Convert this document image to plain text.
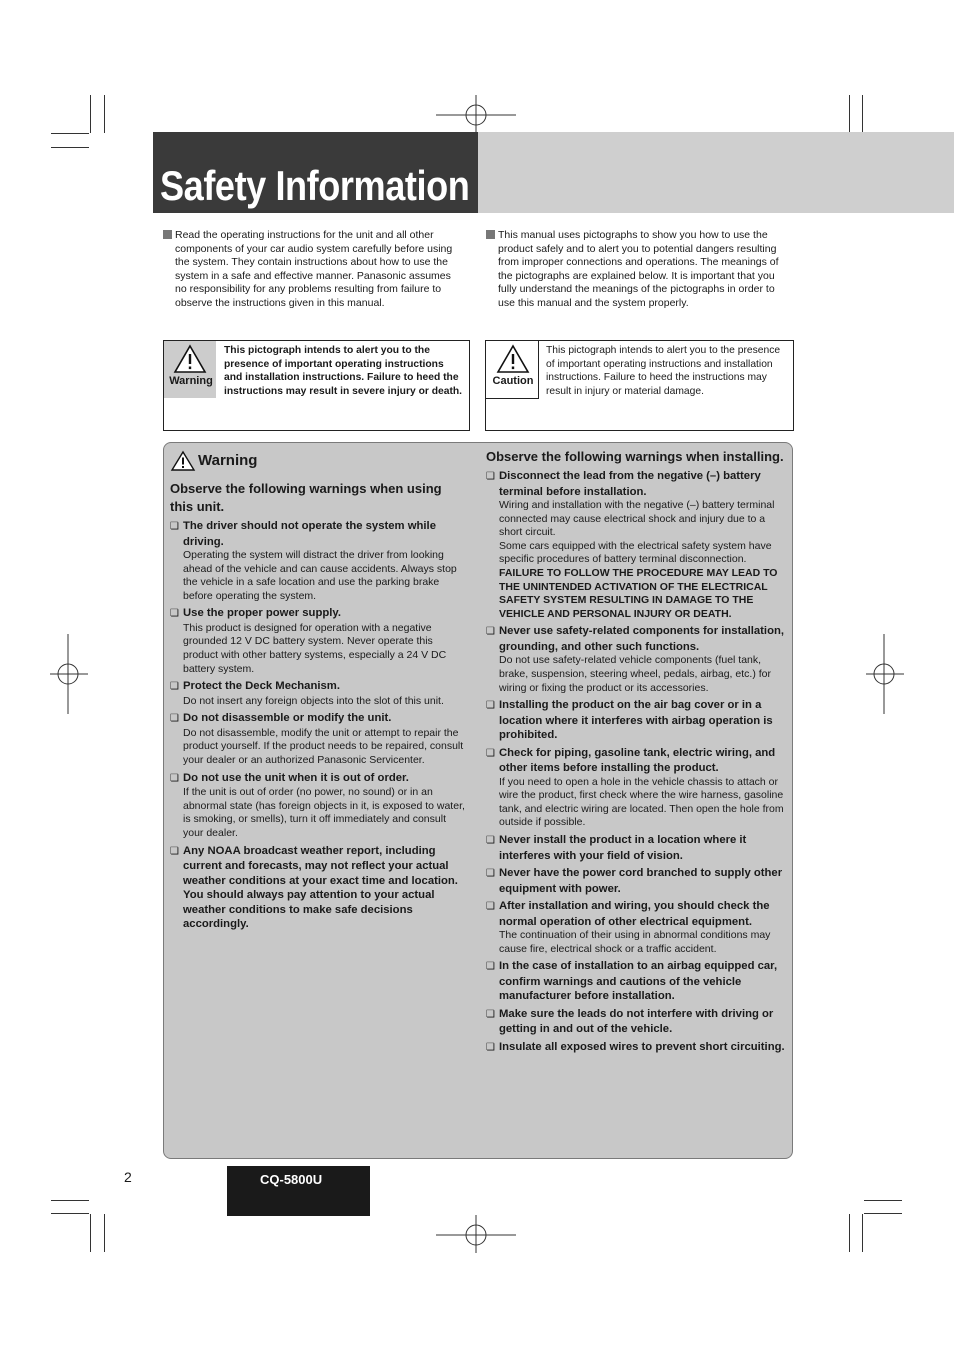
Safety Information

Read the operating instructions for the unit and all other components of your car audio system carefully before using the system. They contain instructions about how to use the system in a safe and effective manner. Panasonic assumes no responsibility for any problems resulting from failure to observe the instructions given in this manual.

This manual uses pictographs to show you how to use the product safely and to alert you to potential dangers resulting from improper connections and operations. The meanings of the pictographs are explained below. It is important that you fully understand the meanings of the pictographs in order to use this manual and the system properly.

Warning
This pictograph intends to alert you to the presence of important operating instructions and installation instructions. Failure to heed the instructions may result in severe injury or death.
Caution
This pictograph intends to alert you to the presence of important operating instructions and installation instructions. Failure to heed the instructions may result in injury or material damage.
Warning
Observe the following warnings when using this unit.
❏ The driver should not operate the system while driving.
Operating the system will distract the driver from looking ahead of the vehicle and can cause accidents. Always stop the vehicle in a safe location and use the parking brake before operating the system.
❏ Use the proper power supply.
This product is designed for operation with a negative grounded 12 V DC battery system. Never operate this product with other battery systems, especially a 24 V DC battery system.
❏ Protect the Deck Mechanism.
Do not insert any foreign objects into the slot of this unit.
❏ Do not disassemble or modify the unit.
Do not disassemble, modify the unit or attempt to repair the product yourself. If the product needs to be repaired, consult your dealer or an authorized Panasonic Servicenter.
❏ Do not use the unit when it is out of order.
If the unit is out of order (no power, no sound) or in an abnormal state (has foreign objects in it, is exposed to water, is smoking, or smells), turn it off immediately and consult your dealer.
❏ Any NOAA broadcast weather report, including current and forecasts, may not reflect your actual weather conditions at your exact time and location. You should always pay attention to your actual weather conditions to make safe decisions accordingly.
Observe the following warnings when installing.
❏ Disconnect the lead from the negative (–) battery terminal before installation.
Wiring and installation with the negative (–) battery terminal connected may cause electrical shock and injury due to a short circuit.
Some cars equipped with the electrical safety system have specific procedures of battery terminal disconnection.
FAILURE TO FOLLOW THE PROCEDURE MAY LEAD TO THE UNINTENDED ACTIVATION OF THE ELECTRICAL SAFETY SYSTEM RESULTING IN DAMAGE TO THE VEHICLE AND PERSONAL INJURY OR DEATH.
❏ Never use safety-related components for installation, grounding, and other such functions.
Do not use safety-related vehicle components (fuel tank, brake, suspension, steering wheel, pedals, airbag, etc.) for wiring or fixing the product or its accessories.
❏ Installing the product on the air bag cover or in a location where it interferes with airbag operation is prohibited.
❏ Check for piping, gasoline tank, electric wiring, and other items before installing the product.
If you need to open a hole in the vehicle chassis to attach or wire the product, first check where the wire harness, gasoline tank, and electric wiring are located. Then open the hole from outside if possible.
❏ Never install the product in a location where it interferes with your field of vision.
❏ Never have the power cord branched to supply other equipment with power.
❏ After installation and wiring, you should check the normal operation of other electrical equipment.
The continuation of their using in abnormal conditions may cause fire, electrical shock or a traffic accident.
❏ In the case of installation to an airbag equipped car, confirm warnings and cautions of the vehicle manufacturer before installation.
❏ Make sure the leads do not interfere with driving or getting in and out of the vehicle.
❏ Insulate all exposed wires to prevent short circuiting.
2	CQ-5800U
